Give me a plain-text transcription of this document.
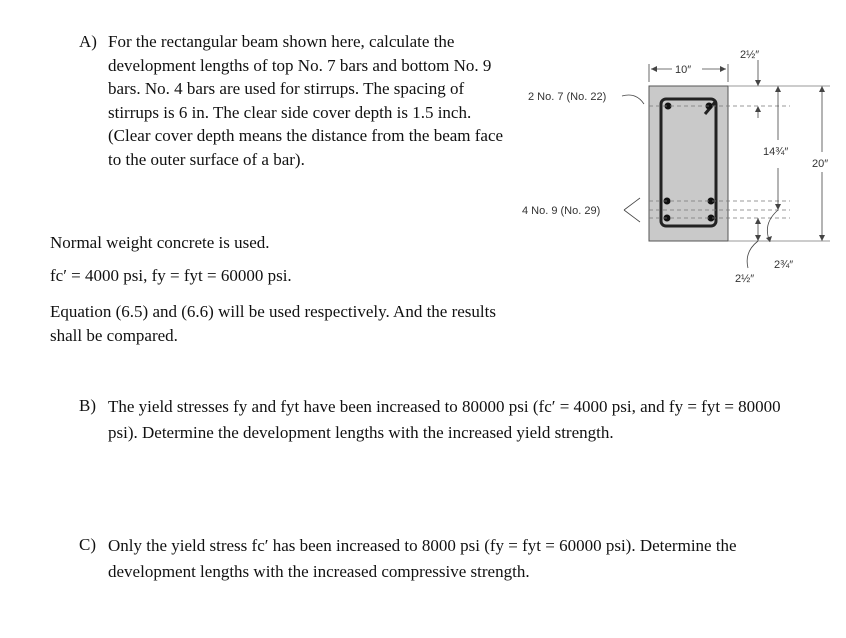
A) For the rectangular beam shown here, calculate the development lengths of top No. 7 bars and bottom No. 9 bars. No. 4 bars are used for stirrups. The spacing of stirrups is 6 in. The clear side cover depth is 1.5 inch. (Clear cover depth means the distance from the beam face to the outer surface of a bar).
Normal weight concrete is used.
fc′ = 4000 psi, fy = fyt = 60000 psi.
Equation (6.5) and (6.6) will be used respectively. And the results shall be compared.
B) The yield stresses fy and fyt have been increased to 80000 psi (fc′ = 4000 psi, and fy = fyt = 80000 psi). Determine the development lengths with the increased yield strength.
C) Only the yield stress fc′ has been increased to 8000 psi (fy = fyt = 60000 psi). Determine the development lengths with the increased compressive strength.
10″
2½″
14¾″
20″
2½″
2¾″
2 No. 7 (No. 22)
4 No. 9 (No. 29)
